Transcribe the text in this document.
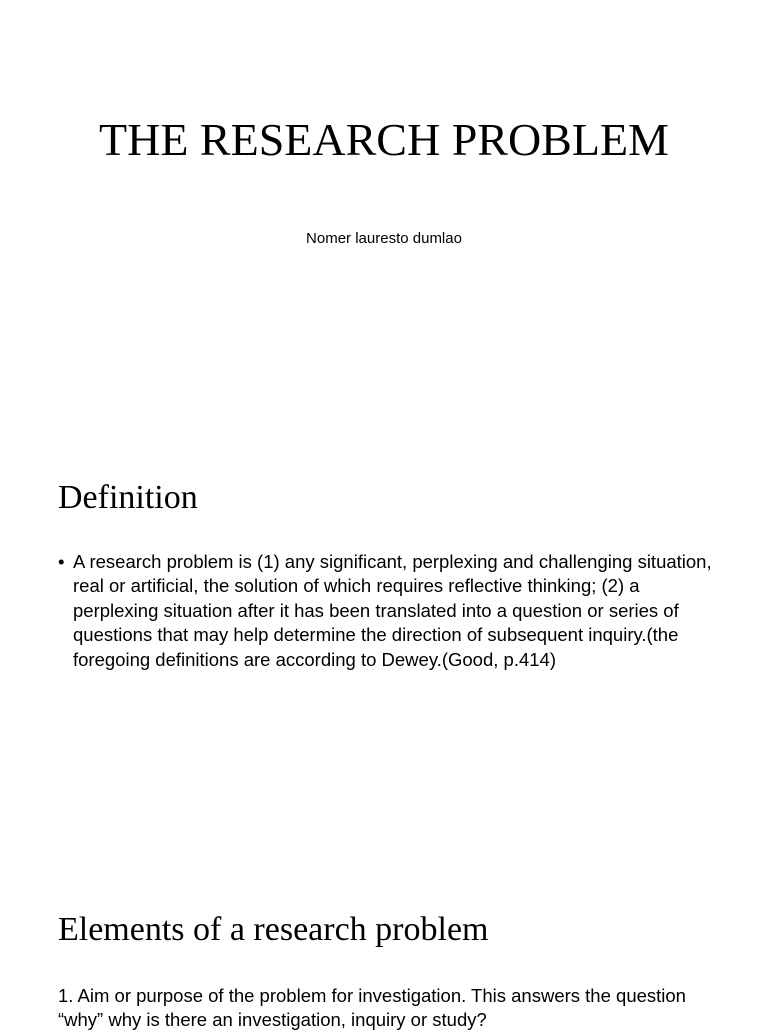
THE RESEARCH PROBLEM
Nomer lauresto dumlao
Definition
• A research problem is (1) any significant, perplexing and challenging situation, real or artificial, the solution of which requires reflective thinking; (2) a perplexing situation after it has been translated into a question or series of questions that may help determine the direction of subsequent inquiry.(the foregoing definitions are according to Dewey.(Good, p.414)
Elements of a research problem

1. Aim or purpose of the problem for investigation. This answers the question “why” why is there an investigation, inquiry or study?
